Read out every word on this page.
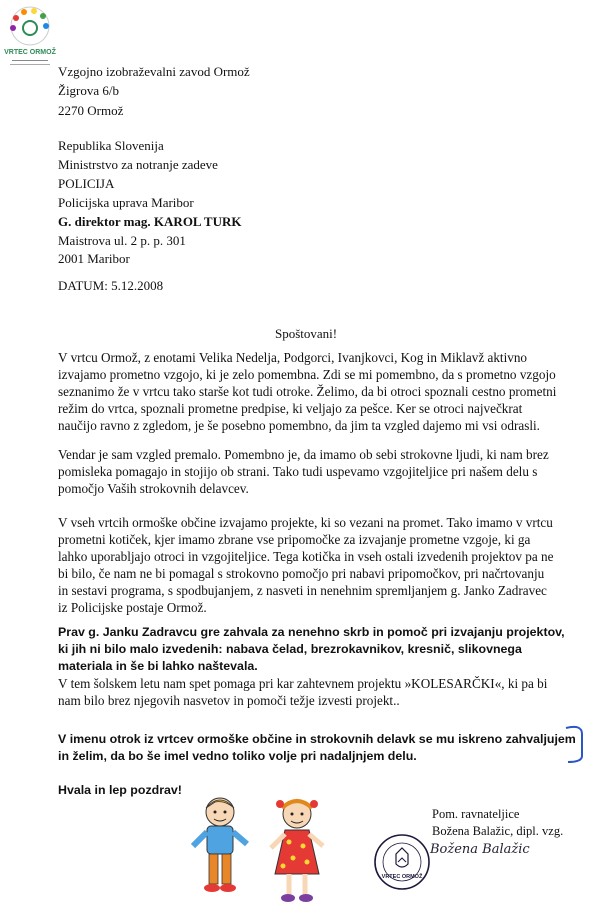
VRTEC ORMOŽ
Vzgojno izobraževalni zavod Ormož
Žigrova 6/b
2270 Ormož
Republika Slovenija
Ministrstvo za notranje zadeve
POLICIJA
Policijska uprava Maribor
G. direktor mag. KAROL TURK
Maistrova ul. 2 p. p. 301
2001 Maribor
DATUM: 5.12.2008
Spoštovani!
V vrtcu Ormož, z enotami Velika Nedelja, Podgorci, Ivanjkovci, Kog in Miklavž aktivno
izvajamo prometno vzgojo, ki je zelo pomembna. Zdi se mi pomembno, da s prometno vzgojo
seznanimo že v vrtcu tako starše kot tudi otroke. Želimo, da bi otroci spoznali cestno prometni
režim do vrtca, spoznali prometne predpise, ki veljajo za pešce. Ker se otroci največkrat
naučijo ravno z zgledom, je še posebno pomembno, da jim ta vzgled dajemo mi vsi odrasli.
Vendar je sam vzgled premalo. Pomembno je, da imamo ob sebi strokovne ljudi, ki nam brez
pomisleka pomagajo in stojijo ob strani. Tako tudi uspevamo vzgojiteljice pri našem delu s
pomočjo Vaših strokovnih delavcev.
V vseh vrtcih ormoške občine izvajamo projekte, ki so vezani na promet. Tako imamo v vrtcu
prometni kotiček, kjer imamo zbrane vse pripomočke za izvajanje prometne vzgoje, ki ga
lahko uporabljajo otroci in vzgojiteljice. Tega kotička in vseh ostali izvedenih projektov pa ne
bi bilo, če nam ne bi pomagal s strokovno pomočjo pri nabavi pripomočkov, pri načrtovanju
in sestavi programa, s spodbujanjem, z nasveti in nenehnim spremljanjem g. Janko Zadravec
iz Policijske postaje Ormož.
Prav g. Janku Zadravcu gre zahvala za nenehno skrb in pomoč pri izvajanju projektov,
ki jih ni bilo malo izvedenih: nabava čelad, brezrokavnikov, kresnič, slikovnega
materiala in še bi lahko naštevala.
V tem šolskem letu nam spet pomaga pri kar zahtevnem projektu »KOLESARČKI«, ki pa bi
nam bilo brez njegovih nasvetov in pomoči težje izvesti projekt..
V imenu otrok iz vrtcev ormoške občine in strokovnih delavk se mu iskreno zahvaljujem
in želim, da bo še imel vedno toliko volje pri nadaljnjem delu.
Hvala in lep pozdrav!
Pom. ravnateljice
Božena Balažic, dipl. vzg.
VRTEC ORMOŽ
Božena Balažic
